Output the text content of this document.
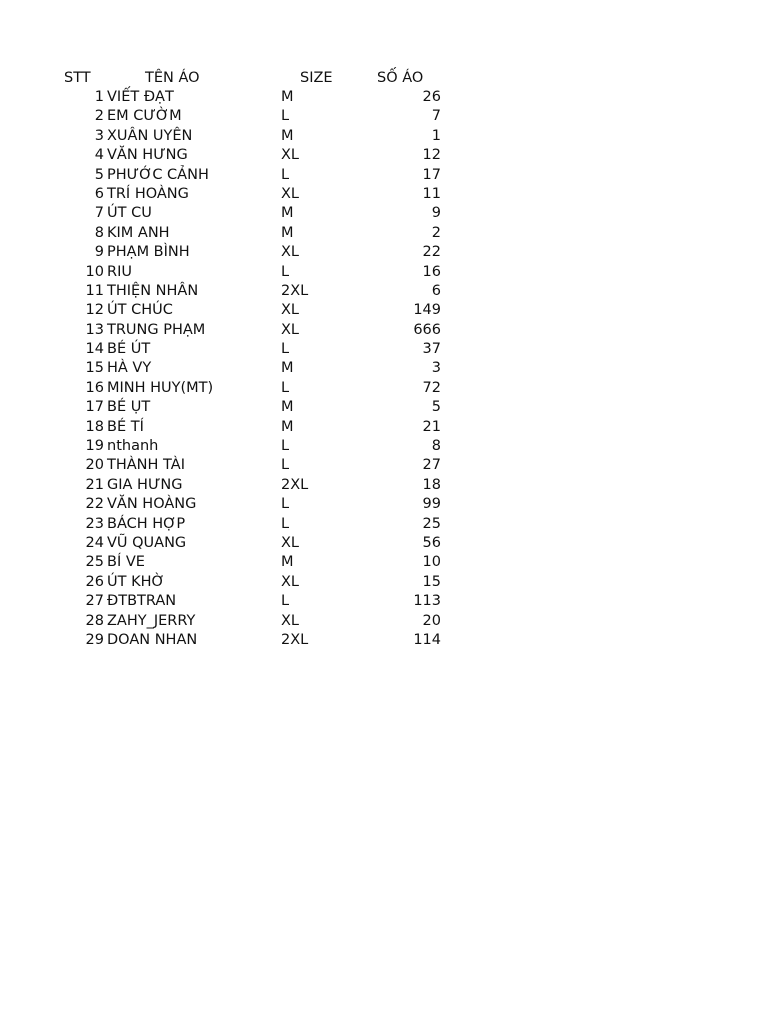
STT	TÊN ÁO	SIZE	SỐ ÁO
1 VIẾT ĐẠT	M	26
2 EM CƯỜM	L	7
3 XUÂN UYÊN	M	1
4 VĂN HƯNG	XL	12
5 PHƯỚC CẢNH	L	17
6 TRÍ HOÀNG	XL	11
7 ÚT CU	M	9
8 KIM ANH	M	2
9 PHẠM BÌNH	XL	22
10 RIU	L	16
11 THIỆN NHÂN	2XL	6
12 ÚT CHÚC	XL	149
13 TRUNG PHẠM	XL	666
14 BÉ ÚT	L	37
15 HÀ VY	M	3
16 MINH HUY(MT)	L	72
17 BÉ ỤT	M	5
18 BÉ TÍ	M	21
19 nthanh	L	8
20 THÀNH TÀI	L	27
21 GIA HƯNG	2XL	18
22 VĂN HOÀNG	L	99
23 BÁCH HỢP	L	25
24 VŨ QUANG	XL	56
25 BÍ VE	M	10
26 ÚT KHỜ	XL	15
27 ĐTBTRAN	L	113
28 ZAHY_JERRY	XL	20
29 DOAN NHAN	2XL	114
